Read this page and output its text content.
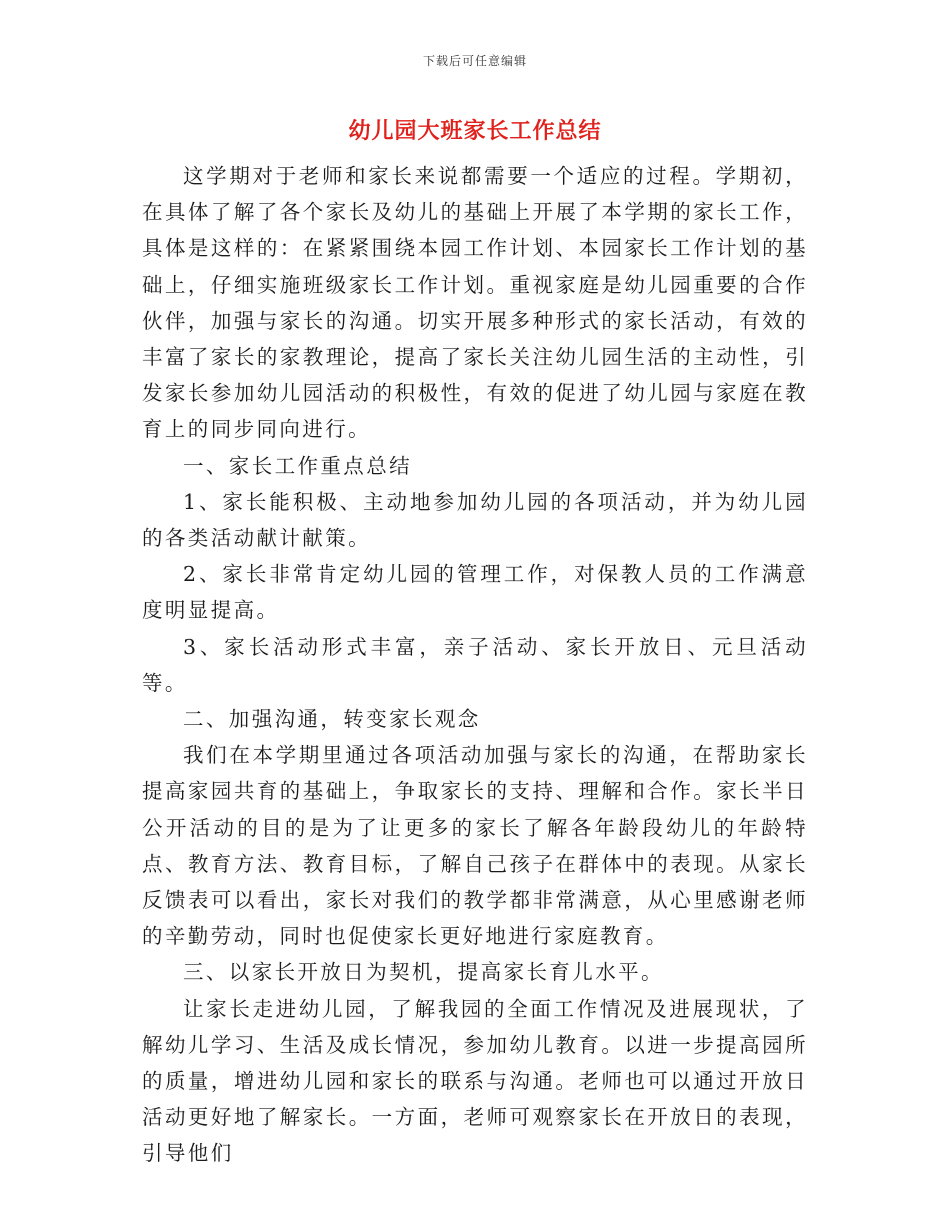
下载后可任意编辑
幼儿园大班家长工作总结

这学期对于老师和家长来说都需要一个适应的过程。学期初，在具体了解了各个家长及幼儿的基础上开展了本学期的家长工作，具体是这样的：在紧紧围绕本园工作计划、本园家长工作计划的基础上，仔细实施班级家长工作计划。重视家庭是幼儿园重要的合作伙伴，加强与家长的沟通。切实开展多种形式的家长活动，有效的丰富了家长的家教理论，提高了家长关注幼儿园生活的主动性，引发家长参加幼儿园活动的积极性，有效的促进了幼儿园与家庭在教育上的同步同向进行。

一、家长工作重点总结

1、家长能积极、主动地参加幼儿园的各项活动，并为幼儿园的各类活动献计献策。

2、家长非常肯定幼儿园的管理工作，对保教人员的工作满意度明显提高。

3、家长活动形式丰富，亲子活动、家长开放日、元旦活动等。

二、加强沟通，转变家长观念

我们在本学期里通过各项活动加强与家长的沟通，在帮助家长提高家园共育的基础上，争取家长的支持、理解和合作。家长半日公开活动的目的是为了让更多的家长了解各年龄段幼儿的年龄特点、教育方法、教育目标，了解自己孩子在群体中的表现。从家长反馈表可以看出，家长对我们的教学都非常满意，从心里感谢老师的辛勤劳动，同时也促使家长更好地进行家庭教育。

三、以家长开放日为契机，提高家长育儿水平。

让家长走进幼儿园，了解我园的全面工作情况及进展现状，了解幼儿学习、生活及成长情况，参加幼儿教育。以进一步提高园所的质量，增进幼儿园和家长的联系与沟通。老师也可以通过开放日活动更好地了解家长。一方面，老师可观察家长在开放日的表现，引导他们
